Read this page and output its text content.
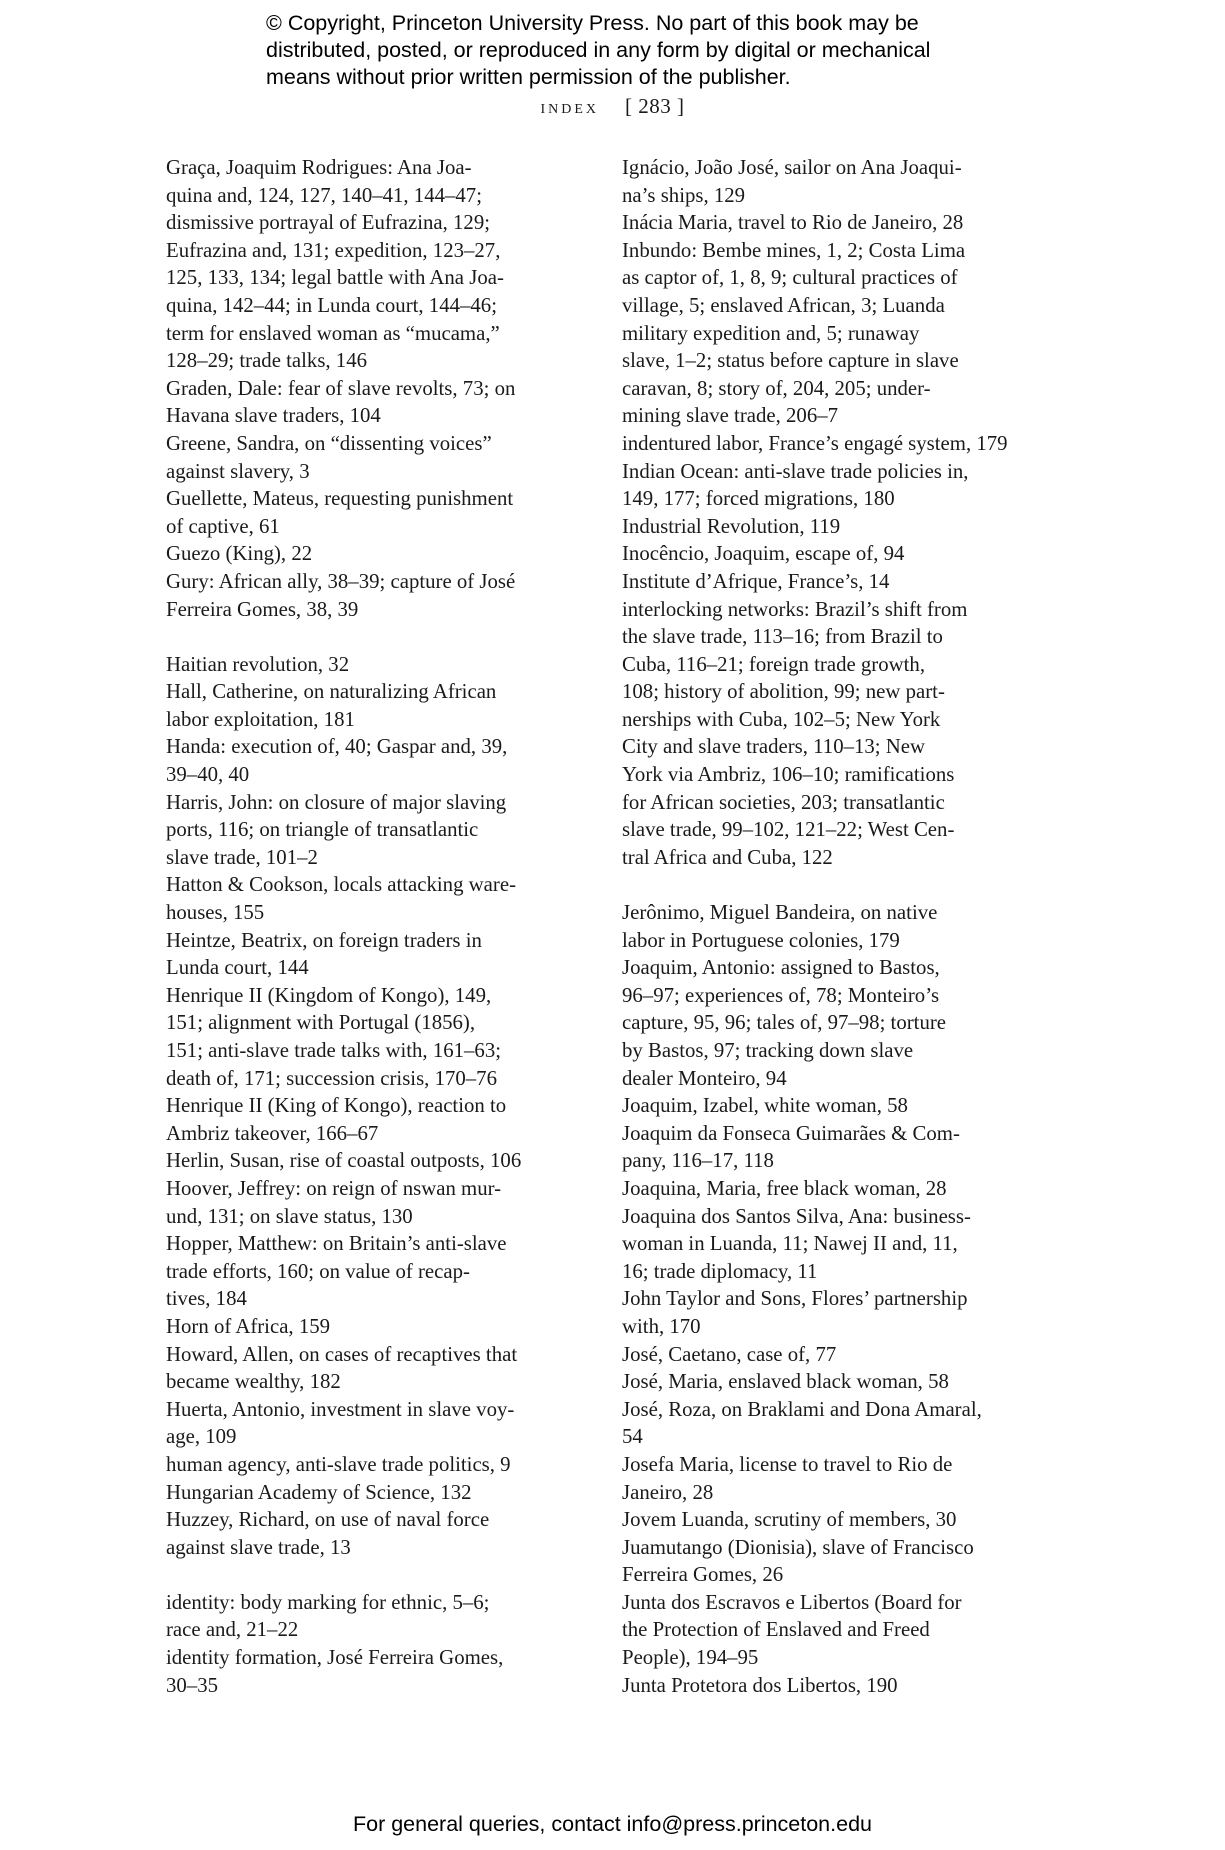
© Copyright, Princeton University Press. No part of this book may be
distributed, posted, or reproduced in any form by digital or mechanical
means without prior written permission of the publisher.
index [ 283 ]
Graça, Joaquim Rodrigues: Ana Joa-
quina and, 124, 127, 140–41, 144–47;
dismissive portrayal of Eufrazina, 129;
Eufrazina and, 131; expedition, 123–27,
125, 133, 134; legal battle with Ana Joa-
quina, 142–44; in Lunda court, 144–46;
term for enslaved woman as “mucama,”
128–29; trade talks, 146
Graden, Dale: fear of slave revolts, 73; on
Havana slave traders, 104
Greene, Sandra, on “dissenting voices”
against slavery, 3
Guellette, Mateus, requesting punishment
of captive, 61
Guezo (King), 22
Gury: African ally, 38–39; capture of José
Ferreira Gomes, 38, 39
Haitian revolution, 32
Hall, Catherine, on naturalizing African
labor exploitation, 181
Handa: execution of, 40; Gaspar and, 39,
39–40, 40
Harris, John: on closure of major slaving
ports, 116; on triangle of transatlantic
slave trade, 101–2
Hatton & Cookson, locals attacking ware-
houses, 155
Heintze, Beatrix, on foreign traders in
Lunda court, 144
Henrique II (Kingdom of Kongo), 149,
151; alignment with Portugal (1856),
151; anti-slave trade talks with, 161–63;
death of, 171; succession crisis, 170–76
Henrique II (King of Kongo), reaction to
Ambriz takeover, 166–67
Herlin, Susan, rise of coastal outposts, 106
Hoover, Jeffrey: on reign of nswan mur-
und, 131; on slave status, 130
Hopper, Matthew: on Britain’s anti-slave
trade efforts, 160; on value of recap-
tives, 184
Horn of Africa, 159
Howard, Allen, on cases of recaptives that
became wealthy, 182
Huerta, Antonio, investment in slave voy-
age, 109
human agency, anti-slave trade politics, 9
Hungarian Academy of Science, 132
Huzzey, Richard, on use of naval force
against slave trade, 13
identity: body marking for ethnic, 5–6;
race and, 21–22
identity formation, José Ferreira Gomes,
30–35
Ignácio, João José, sailor on Ana Joaqui-
na’s ships, 129
Inácia Maria, travel to Rio de Janeiro, 28
Inbundo: Bembe mines, 1, 2; Costa Lima
as captor of, 1, 8, 9; cultural practices of
village, 5; enslaved African, 3; Luanda
military expedition and, 5; runaway
slave, 1–2; status before capture in slave
caravan, 8; story of, 204, 205; under-
mining slave trade, 206–7
indentured labor, France’s engagé system, 179
Indian Ocean: anti-slave trade policies in,
149, 177; forced migrations, 180
Industrial Revolution, 119
Inocêncio, Joaquim, escape of, 94
Institute d’Afrique, France’s, 14
interlocking networks: Brazil’s shift from
the slave trade, 113–16; from Brazil to
Cuba, 116–21; foreign trade growth,
108; history of abolition, 99; new part-
nerships with Cuba, 102–5; New York
City and slave traders, 110–13; New
York via Ambriz, 106–10; ramifications
for African societies, 203; transatlantic
slave trade, 99–102, 121–22; West Cen-
tral Africa and Cuba, 122
Jerônimo, Miguel Bandeira, on native
labor in Portuguese colonies, 179
Joaquim, Antonio: assigned to Bastos,
96–97; experiences of, 78; Monteiro’s
capture, 95, 96; tales of, 97–98; torture
by Bastos, 97; tracking down slave
dealer Monteiro, 94
Joaquim, Izabel, white woman, 58
Joaquim da Fonseca Guimarães & Com-
pany, 116–17, 118
Joaquina, Maria, free black woman, 28
Joaquina dos Santos Silva, Ana: business-
woman in Luanda, 11; Nawej II and, 11,
16; trade diplomacy, 11
John Taylor and Sons, Flores’ partnership
with, 170
José, Caetano, case of, 77
José, Maria, enslaved black woman, 58
José, Roza, on Braklami and Dona Amaral,
54
Josefa Maria, license to travel to Rio de
Janeiro, 28
Jovem Luanda, scrutiny of members, 30
Juamutango (Dionisia), slave of Francisco
Ferreira Gomes, 26
Junta dos Escravos e Libertos (Board for
the Protection of Enslaved and Freed
People), 194–95
Junta Protetora dos Libertos, 190
For general queries, contact info@press.princeton.edu
